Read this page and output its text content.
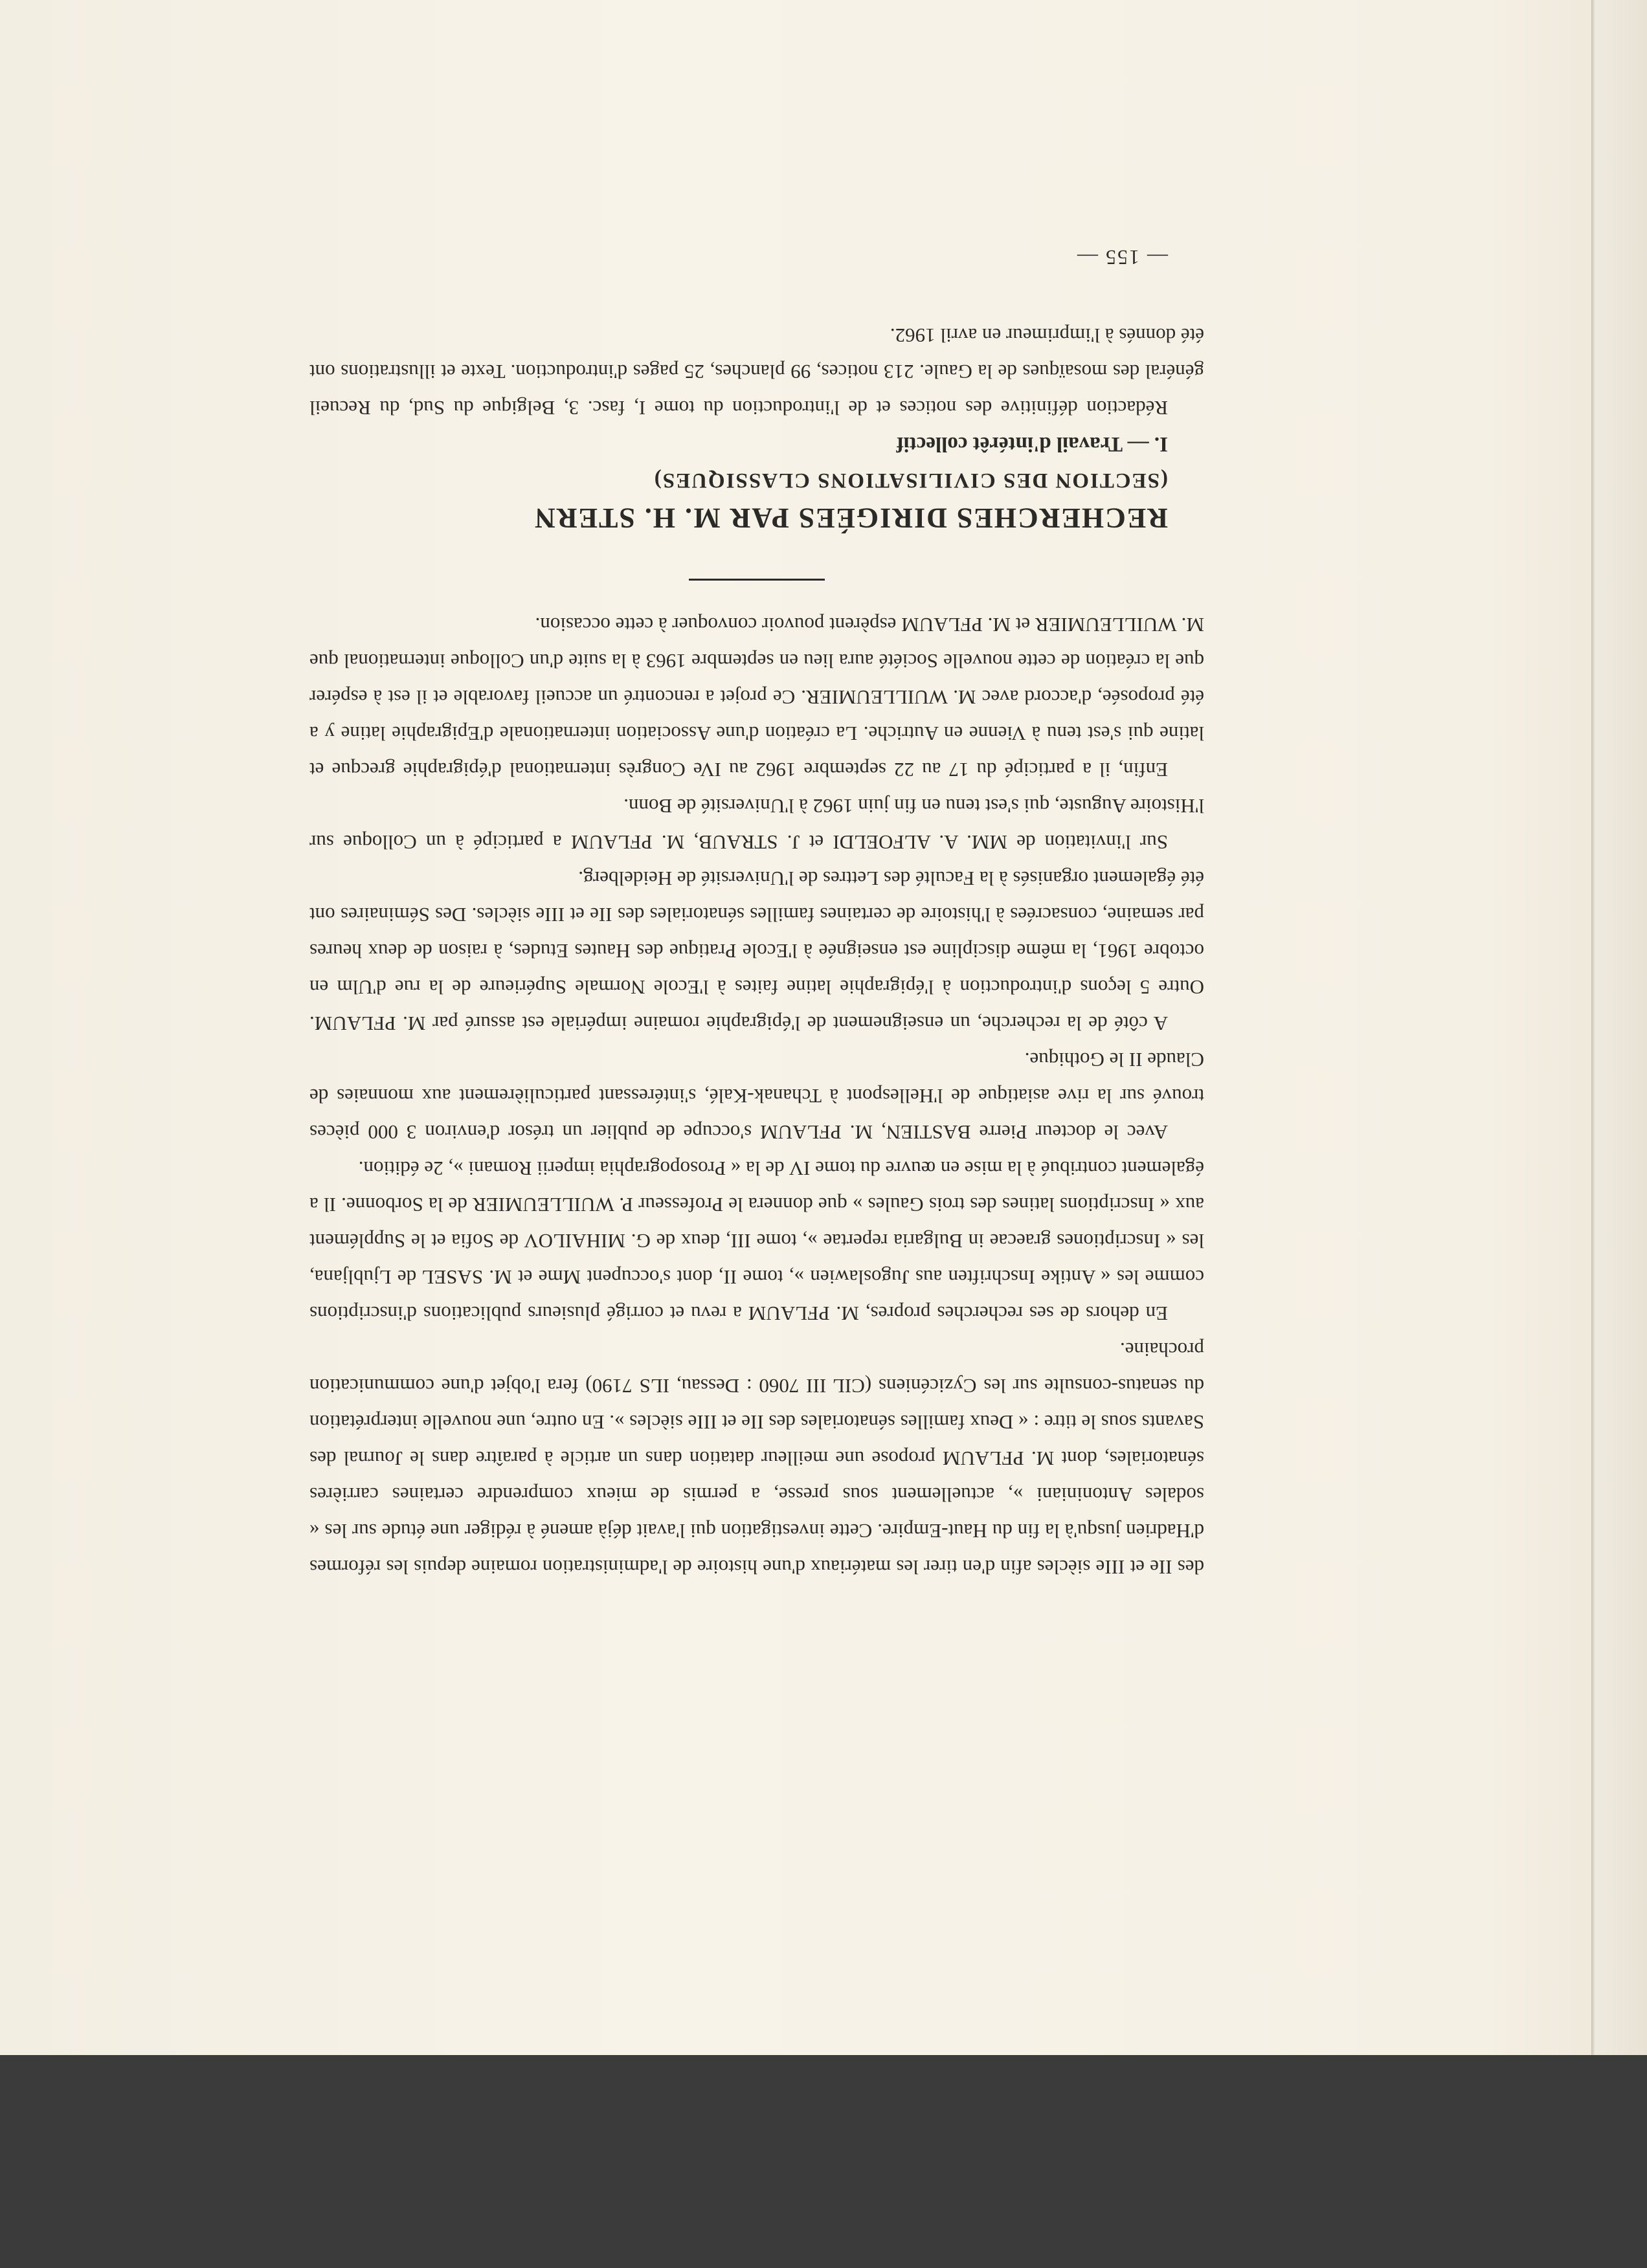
des IIe et IIIe siècles afin d'en tirer les matériaux d'une histoire de l'administration romaine depuis les réformes d'Hadrien jusqu'à la fin du Haut-Empire. Cette investigation qui l'avait déjà amené à rédiger une étude sur les « sodales Antoniniani », actuellement sous presse, a permis de mieux comprendre certaines carrières sénatoriales, dont M. PFLAUM propose une meilleur datation dans un article à paraître dans le Journal des Savants sous le titre : « Deux familles sénatoriales des IIe et IIIe siècles ». En outre, une nouvelle interprétation du senatus-consulte sur les Cyzicéniens (CIL III 7060 : Dessau, ILS 7190) fera l'objet d'une communication prochaine.

En dehors de ses recherches propres, M. PFLAUM a revu et corrigé plusieurs publications d'inscriptions comme les « Antike Inschriften aus Jugoslawien », tome II, dont s'occupent Mme et M. SASEL de Ljubljana, les « Inscriptiones graecae in Bulgaria repertae », tome III, deux de G. MIHAILOV de Sofia et le Supplément aux « Inscriptions latines des trois Gaules » que donnera le Professeur P. WUILLEUMIER de la Sorbonne. Il a également contribué à la mise en œuvre du tome IV de la « Prosopographia imperii Romani », 2e édition.

Avec le docteur Pierre BASTIEN, M. PFLAUM s'occupe de publier un trésor d'environ 3 000 pièces trouvé sur la rive asiatique de l'Hellespont à Tchanak-Kalé, s'intéressant particulièrement aux monnaies de Claude II le Gothique.

A côté de la recherche, un enseignement de l'épigraphie romaine impériale est assuré par M. PFLAUM. Outre 5 leçons d'introduction à l'épigraphie latine faites à l'Ecole Normale Supérieure de la rue d'Ulm en octobre 1961, la même discipline est enseignée à l'Ecole Pratique des Hautes Etudes, à raison de deux heures par semaine, consacrées à l'histoire de certaines familles sénatoriales des IIe et IIIe siècles. Des Séminaires ont été également organisés à la Faculté des Lettres de l'Université de Heidelberg.

Sur l'invitation de MM. A. ALFOELDI et J. STRAUB, M. PFLAUM a participé à un Colloque sur l'Histoire Auguste, qui s'est tenu en fin juin 1962 à l'Université de Bonn.

Enfin, il a participé du 17 au 22 septembre 1962 au IVe Congrès international d'épigraphie grecque et latine qui s'est tenu à Vienne en Autriche. La création d'une Association internationale d'Epigraphie latine y a été proposée, d'accord avec M. WUILLEUMIER. Ce projet a rencontré un accueil favorable et il est à espérer que la création de cette nouvelle Société aura lieu en septembre 1963 à la suite d'un Colloque international que M. WUILLEUMIER et M. PFLAUM espèrent pouvoir convoquer à cette occasion.

RECHERCHES DIRIGÉES PAR M. H. STERN

(SECTION DES CIVILISATIONS CLASSIQUES)

I. — Travail d'intérêt collectif

Rédaction définitive des notices et de l'introduction du tome I, fasc. 3, Belgique du Sud, du Recueil général des mosaïques de la Gaule. 213 notices, 99 planches, 25 pages d'introduction. Texte et illustrations ont été donnés à l'imprimeur en avril 1962.

— 155 —
